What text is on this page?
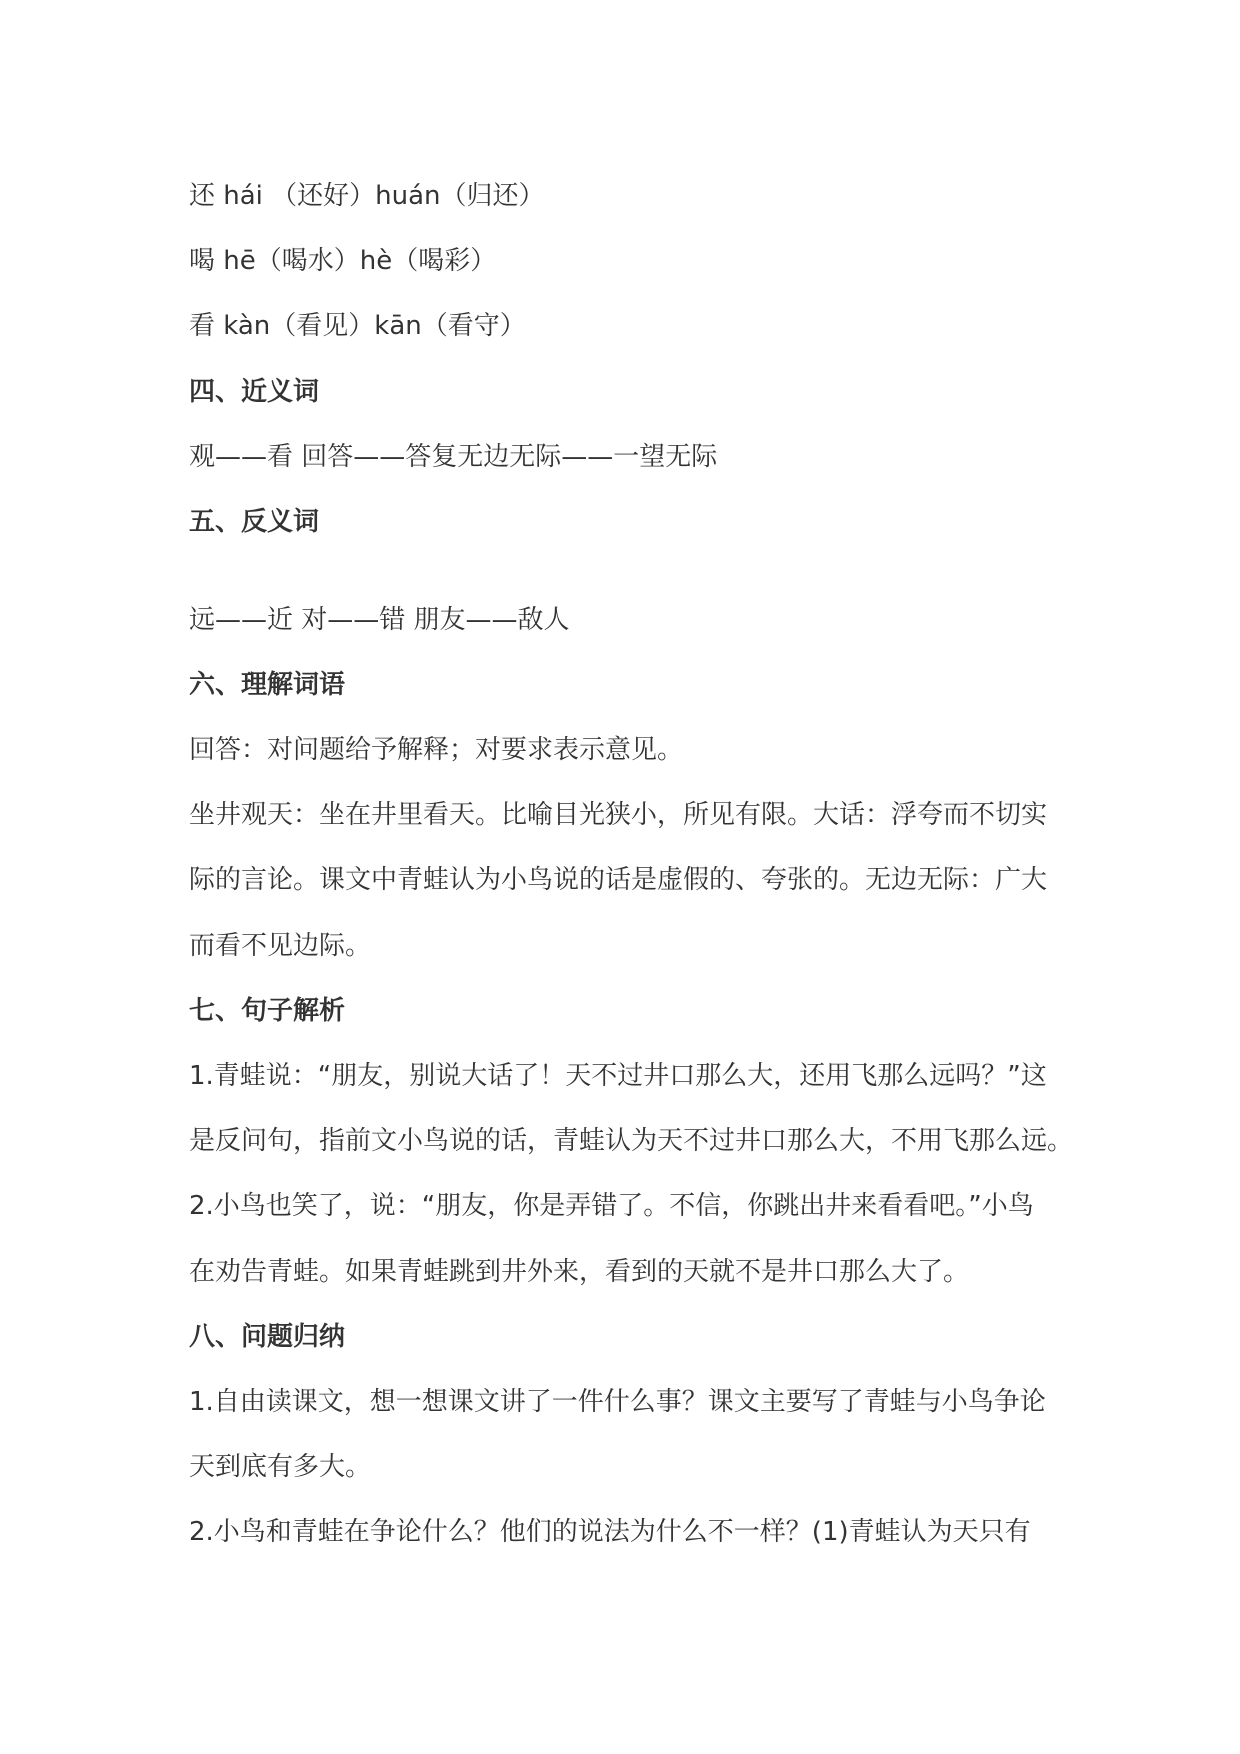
还 hái （还好）huán（归还）
喝 hē（喝水）hè（喝彩）
看 kàn（看见）kān（看守）
四、近义词
观——看 回答——答复无边无际——一望无际
五、反义词
远——近 对——错 朋友——敌人
六、理解词语
回答：对问题给予解释；对要求表示意见。
坐井观天：坐在井里看天。比喻目光狭小，所见有限。大话：浮夸而不切实
际的言论。课文中青蛙认为小鸟说的话是虚假的、夸张的。无边无际：广大
而看不见边际。
七、句子解析
1.青蛙说：“朋友，别说大话了！天不过井口那么大，还用飞那么远吗？”这
是反问句，指前文小鸟说的话，青蛙认为天不过井口那么大，不用飞那么远。
2.小鸟也笑了，说：“朋友，你是弄错了。不信，你跳出井来看看吧。”小鸟
在劝告青蛙。如果青蛙跳到井外来，看到的天就不是井口那么大了。
八、问题归纳
1.自由读课文，想一想课文讲了一件什么事？课文主要写了青蛙与小鸟争论
天到底有多大。
2.小鸟和青蛙在争论什么？他们的说法为什么不一样？(1)青蛙认为天只有
